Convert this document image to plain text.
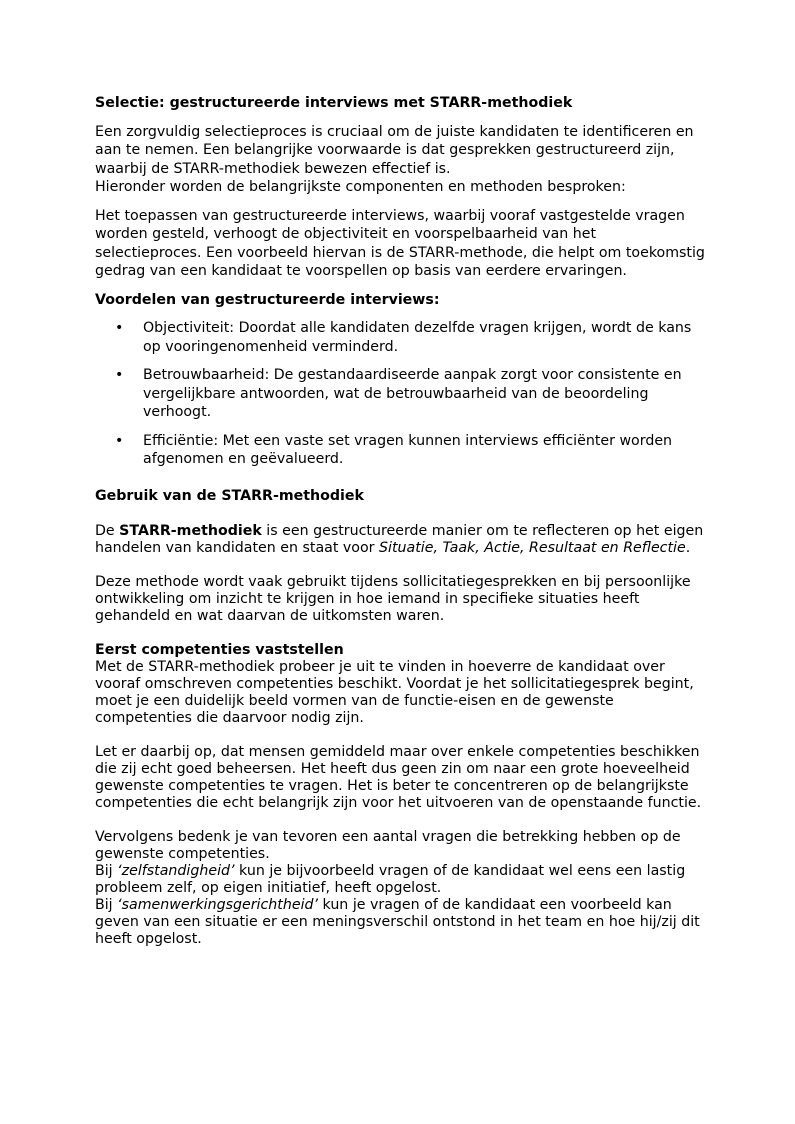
Selectie: gestructureerde interviews met STARR-methodiek

Een zorgvuldig selectieproces is cruciaal om de juiste kandidaten te identificeren en aan te nemen. Een belangrijke voorwaarde is dat gesprekken gestructureerd zijn, waarbij de STARR-methodiek bewezen effectief is.
Hieronder worden de belangrijkste componenten en methoden besproken:

Het toepassen van gestructureerde interviews, waarbij vooraf vastgestelde vragen worden gesteld, verhoogt de objectiviteit en voorspelbaarheid van het selectieproces. Een voorbeeld hiervan is de STARR-methode, die helpt om toekomstig gedrag van een kandidaat te voorspellen op basis van eerdere ervaringen.

Voordelen van gestructureerde interviews:
• Objectiviteit: Doordat alle kandidaten dezelfde vragen krijgen, wordt de kans op vooringenomenheid verminderd.
• Betrouwbaarheid: De gestandaardiseerde aanpak zorgt voor consistente en vergelijkbare antwoorden, wat de betrouwbaarheid van de beoordeling verhoogt.
• Efficiëntie: Met een vaste set vragen kunnen interviews efficiënter worden afgenomen en geëvalueerd.
Gebruik van de STARR-methodiek

De STARR-methodiek is een gestructureerde manier om te reflecteren op het eigen handelen van kandidaten en staat voor Situatie, Taak, Actie, Resultaat en Reflectie.

Deze methode wordt vaak gebruikt tijdens sollicitatiegesprekken en bij persoonlijke ontwikkeling om inzicht te krijgen in hoe iemand in specifieke situaties heeft gehandeld en wat daarvan de uitkomsten waren.

Eerst competenties vaststellen

Met de STARR-methodiek probeer je uit te vinden in hoeverre de kandidaat over vooraf omschreven competenties beschikt. Voordat je het sollicitatiegesprek begint, moet je een duidelijk beeld vormen van de functie-eisen en de gewenste competenties die daarvoor nodig zijn.

Let er daarbij op, dat mensen gemiddeld maar over enkele competenties beschikken die zij echt goed beheersen. Het heeft dus geen zin om naar een grote hoeveelheid gewenste competenties te vragen. Het is beter te concentreren op de belangrijkste competenties die echt belangrijk zijn voor het uitvoeren van de openstaande functie.

Vervolgens bedenk je van tevoren een aantal vragen die betrekking hebben op de gewenste competenties.
Bij ‘zelfstandigheid’ kun je bijvoorbeeld vragen of de kandidaat wel eens een lastig probleem zelf, op eigen initiatief, heeft opgelost.
Bij ‘samenwerkingsgerichtheid’ kun je vragen of de kandidaat een voorbeeld kan geven van een situatie er een meningsverschil ontstond in het team en hoe hij/zij dit heeft opgelost.
